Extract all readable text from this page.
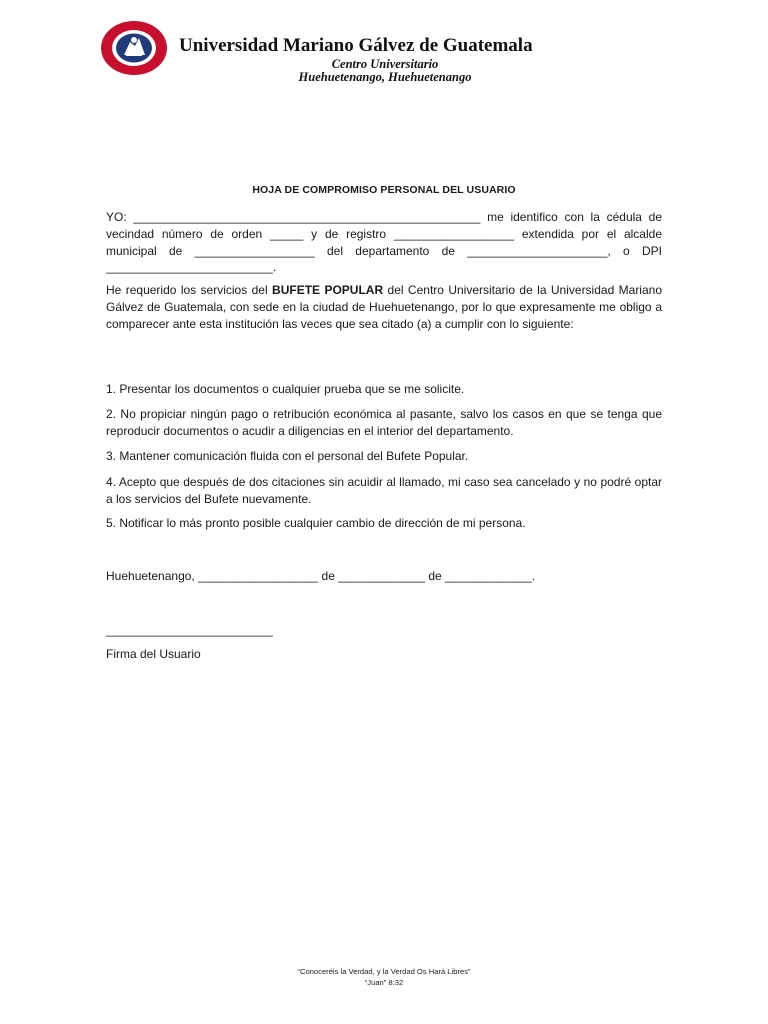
Universidad Mariano Gálvez de Guatemala
Centro Universitario
Huehuetenango, Huehuetenango
HOJA DE COMPROMISO PERSONAL DEL USUARIO
YO: ____________________________________________________ me identifico con la cédula de
vecindad número de orden _____ y de registro __________________ extendida por el alcalde
municipal de __________________ del departamento de _____________________, o DPI
_________________________.

He requerido los servicios del BUFETE POPULAR del Centro Universitario de la Universidad Mariano Gálvez de Guatemala, con sede en la ciudad de Huehuetenango, por lo que expresamente me obligo a comparecer ante esta institución las veces que sea citado (a) a cumplir con lo siguiente:

1. Presentar los documentos o cualquier prueba que se me solicite.

2. No propiciar ningún pago o retribución económica al pasante, salvo los casos en que se tenga que reproducir documentos o acudir a diligencias en el interior del departamento.

3. Mantener comunicación fluida con el personal del Bufete Popular.

4. Acepto que después de dos citaciones sin acuidir al llamado, mi caso sea cancelado y no podré optar a los servicios del Bufete nuevamente.

5. Notificar lo más pronto posible cualquier cambio de dirección de mi persona.

Huehuetenango, __________________ de _____________ de _____________.

_________________________
Firma del Usuario
“Conoceréis la Verdad, y la Verdad Os Hará Libres”
“Juan” 8:32
